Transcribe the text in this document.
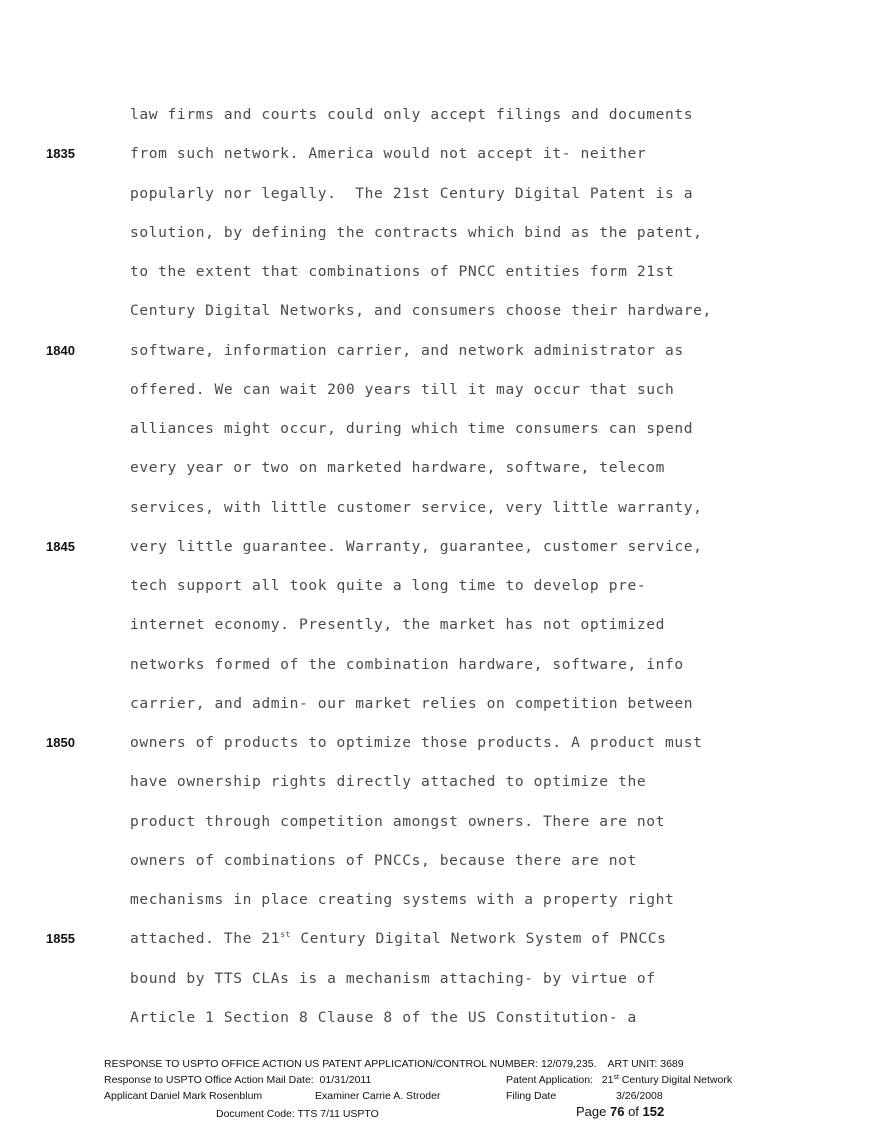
law firms and courts could only accept filings and documents
from such network. America would not accept it- neither
popularly nor legally.  The 21st Century Digital Patent is a
solution, by defining the contracts which bind as the patent,
to the extent that combinations of PNCC entities form 21st
Century Digital Networks, and consumers choose their hardware,
software, information carrier, and network administrator as
offered. We can wait 200 years till it may occur that such
alliances might occur, during which time consumers can spend
every year or two on marketed hardware, software, telecom
services, with little customer service, very little warranty,
very little guarantee. Warranty, guarantee, customer service,
tech support all took quite a long time to develop pre-
internet economy. Presently, the market has not optimized
networks formed of the combination hardware, software, info
carrier, and admin- our market relies on competition between
owners of products to optimize those products. A product must
have ownership rights directly attached to optimize the
product through competition amongst owners. There are not
owners of combinations of PNCCs, because there are not
mechanisms in place creating systems with a property right
attached. The 21st Century Digital Network System of PNCCs
bound by TTS CLAs is a mechanism attaching- by virtue of
Article 1 Section 8 Clause 8 of the US Constitution- a
1835
1840
1845
1850
1855
RESPONSE TO USPTO OFFICE ACTION US PATENT APPLICATION/CONTROL NUMBER: 12/079,235.    ART UNIT: 3689
Response to USPTO Office Action Mail Date:  01/31/2011	Patent Application: 21st Century Digital Network
Applicant Daniel Mark Rosenblum	Examiner Carrie A. Stroder	Filing Date	3/26/2008
Document Code: TTS 7/11 USPTO	Page 76 of 152
